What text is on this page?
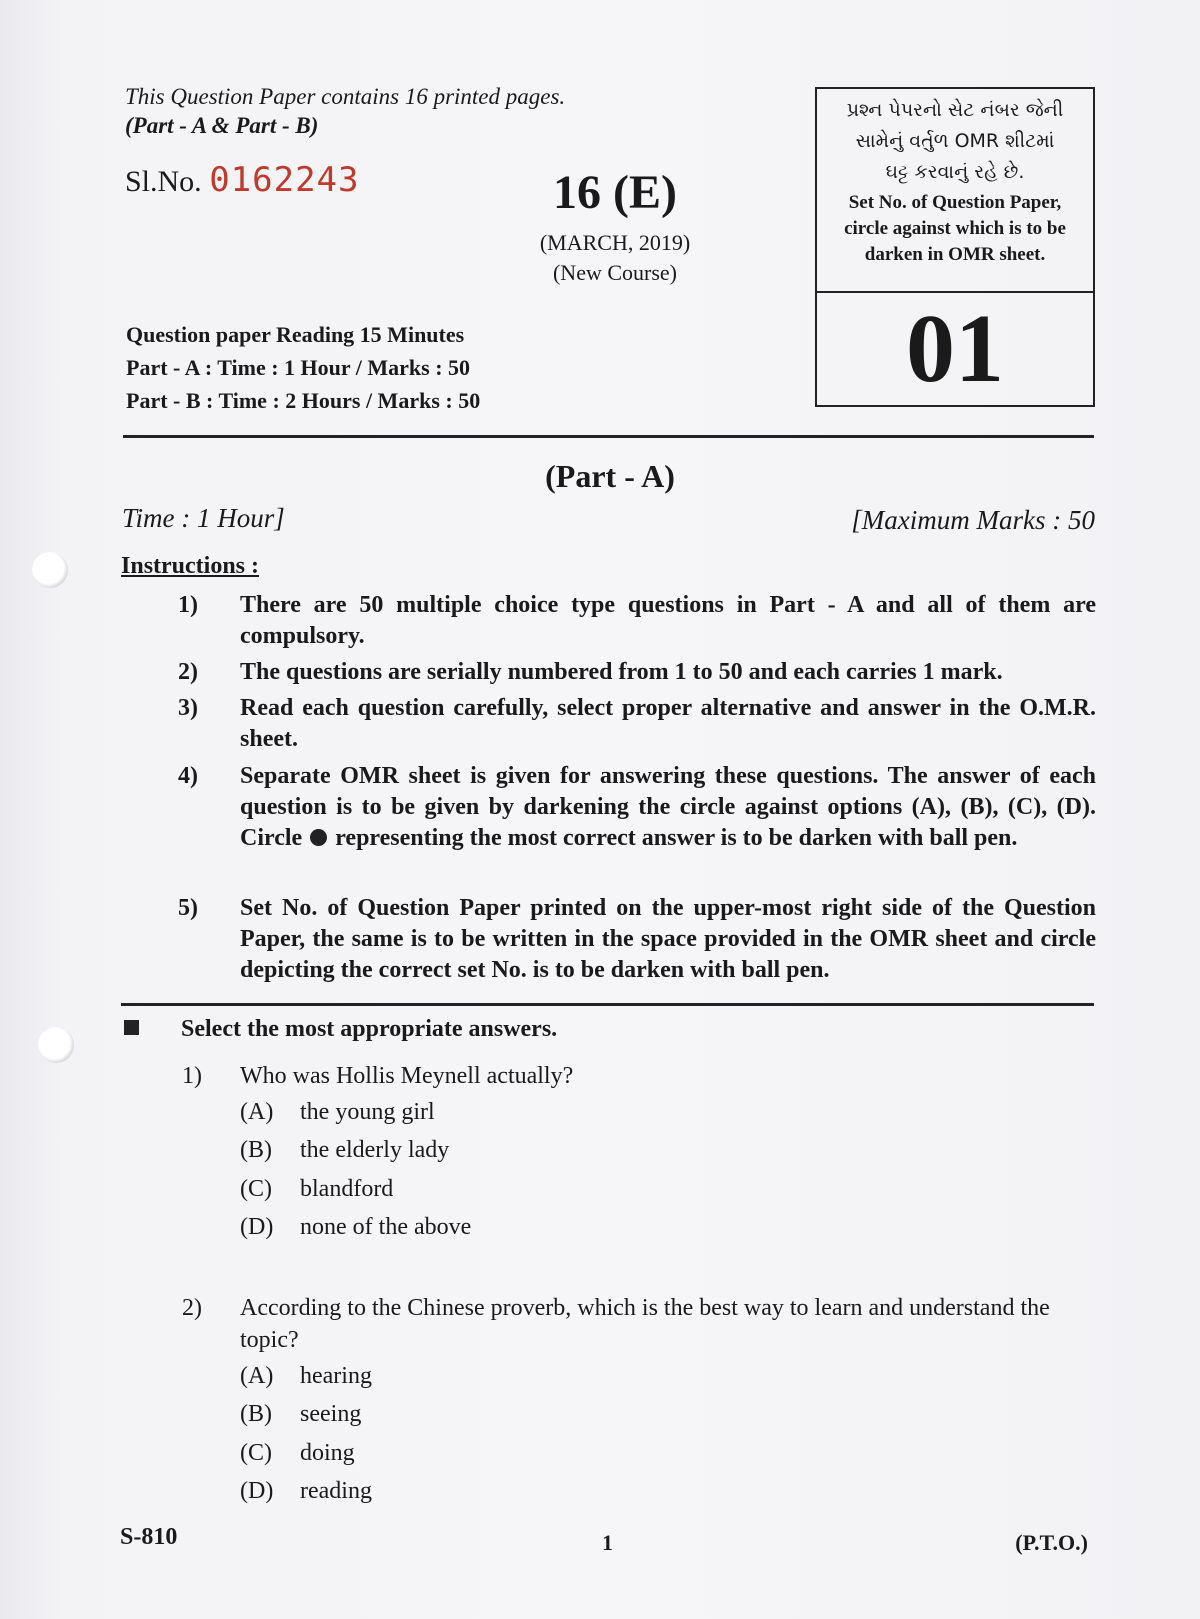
This Question Paper contains 16 printed pages.
(Part - A & Part - B)
Sl.No. 0162243	16 (E)
(MARCH, 2019)
(New Course)
પ્રશ્ન પેપરનો સેટ નંબર જેની
સામેનું વર્તુળ OMR શીટમાં
ઘટ્ટ કરવાનું રહે છે.
Set No. of Question Paper,
circle against which is to be
darken in OMR sheet.
01
Question paper Reading 15 Minutes
Part - A : Time : 1 Hour / Marks : 50
Part - B : Time : 2 Hours / Marks : 50
(Part - A)
Time : 1 Hour]	[Maximum Marks : 50
Instructions :
1)	There are 50 multiple choice type questions in Part - A and all of them are compulsory.
2)	The questions are serially numbered from 1 to 50 and each carries 1 mark.
3)	Read each question carefully, select proper alternative and answer in the O.M.R. sheet.
4)	Separate OMR sheet is given for answering these questions. The answer of each question is to be given by darkening the circle against options (A), (B), (C), (D). Circle representing the most correct answer is to be darken with ball pen.
5)	Set No. of Question Paper printed on the upper-most right side of the Question Paper, the same is to be written in the space provided in the OMR sheet and circle depicting the correct set No. is to be darken with ball pen.
Select the most appropriate answers.
1) Who was Hollis Meynell actually?
(A) the young girl
(B) the elderly lady
(C) blandford
(D) none of the above
2) According to the Chinese proverb, which is the best way to learn and understand the topic?
(A) hearing
(B) seeing
(C) doing
(D) reading
S-810	1	(P.T.O.)
